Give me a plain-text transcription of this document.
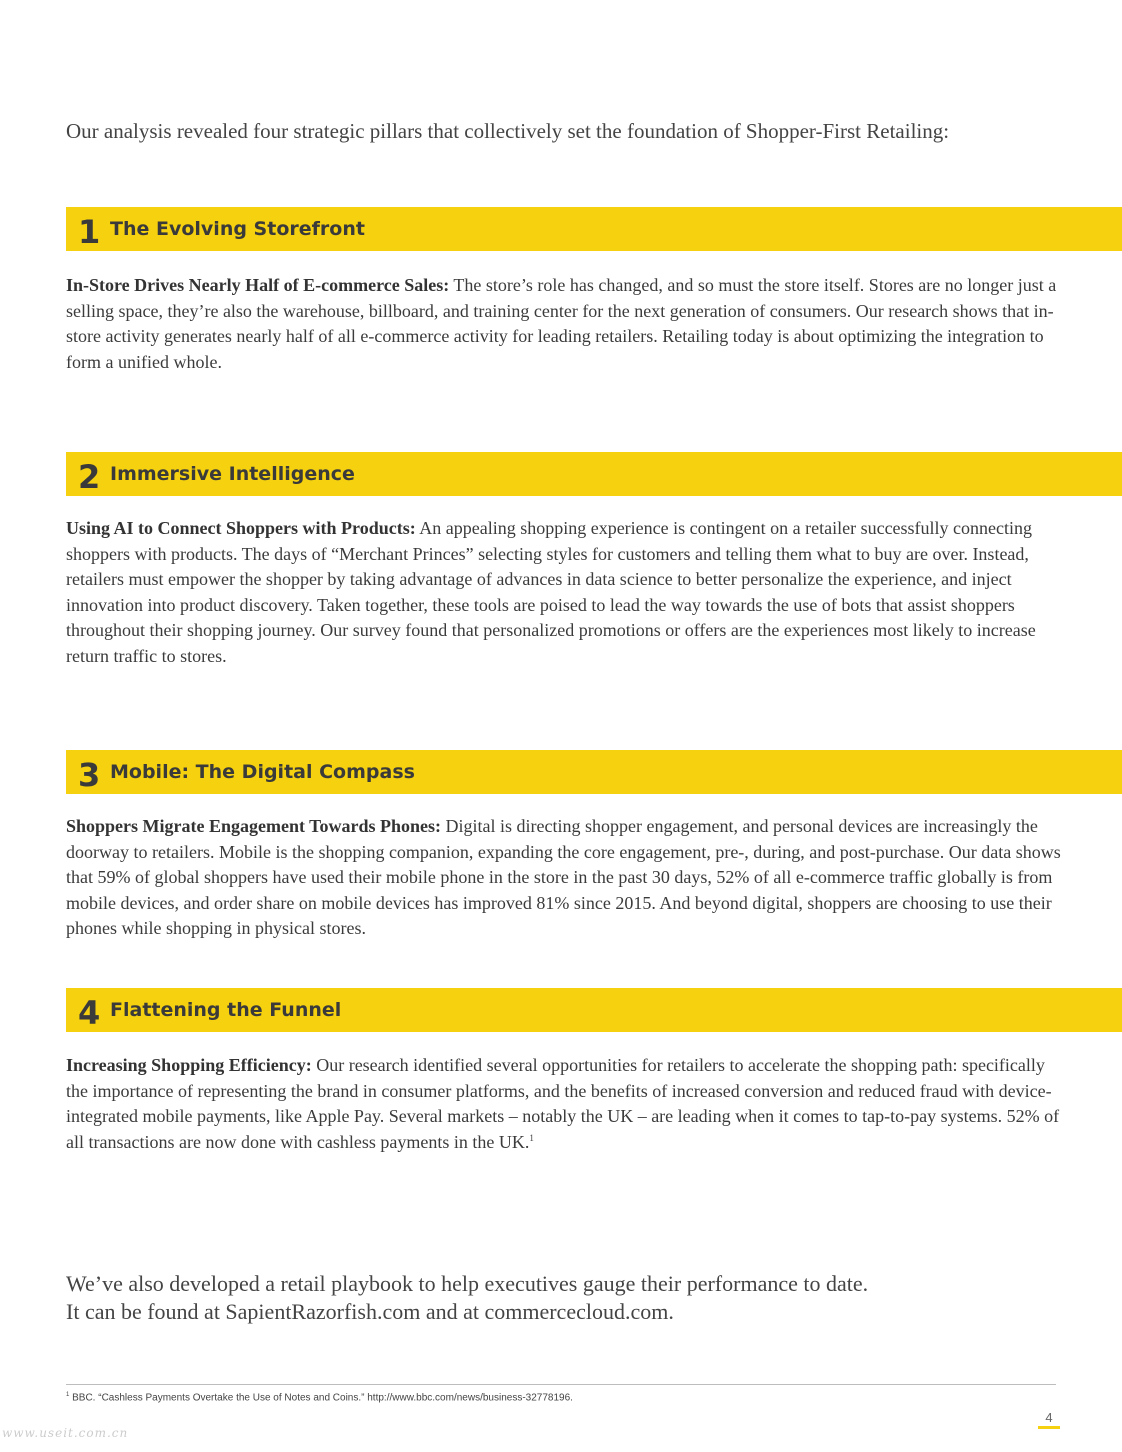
Our analysis revealed four strategic pillars that collectively set the foundation of Shopper-First Retailing:

1 The Evolving Storefront

In-Store Drives Nearly Half of E-commerce Sales: The store’s role has changed, and so must the store itself. Stores are no longer just a selling space, they’re also the warehouse, billboard, and training center for the next generation of consumers. Our research shows that in-store activity generates nearly half of all e-commerce activity for leading retailers. Retailing today is about optimizing the integration to form a unified whole.

2 Immersive Intelligence

Using AI to Connect Shoppers with Products: An appealing shopping experience is contingent on a retailer successfully connecting shoppers with products. The days of “Merchant Princes” selecting styles for customers and telling them what to buy are over. Instead, retailers must empower the shopper by taking advantage of advances in data science to better personalize the experience, and inject innovation into product discovery. Taken together, these tools are poised to lead the way towards the use of bots that assist shoppers throughout their shopping journey. Our survey found that personalized promotions or offers are the experiences most likely to increase return traffic to stores.

3 Mobile: The Digital Compass

Shoppers Migrate Engagement Towards Phones: Digital is directing shopper engagement, and personal devices are increasingly the doorway to retailers. Mobile is the shopping companion, expanding the core engagement, pre-, during, and post-purchase. Our data shows that 59% of global shoppers have used their mobile phone in the store in the past 30 days, 52% of all e-commerce traffic globally is from mobile devices, and order share on mobile devices has improved 81% since 2015. And beyond digital, shoppers are choosing to use their phones while shopping in physical stores.

4 Flattening the Funnel

Increasing Shopping Efficiency: Our research identified several opportunities for retailers to accelerate the shopping path: specifically the importance of representing the brand in consumer platforms, and the benefits of increased conversion and reduced fraud with device-integrated mobile payments, like Apple Pay. Several markets – notably the UK – are leading when it comes to tap-to-pay systems. 52% of all transactions are now done with cashless payments in the UK.$^1$

We’ve also developed a retail playbook to help executives gauge their performance to date.
It can be found at SapientRazorfish.com and at commercecloud.com.

$^1$ BBC. “Cashless Payments Overtake the Use of Notes and Coins.” http://www.bbc.com/news/business-32778196.

4
www.useit.com.cn
